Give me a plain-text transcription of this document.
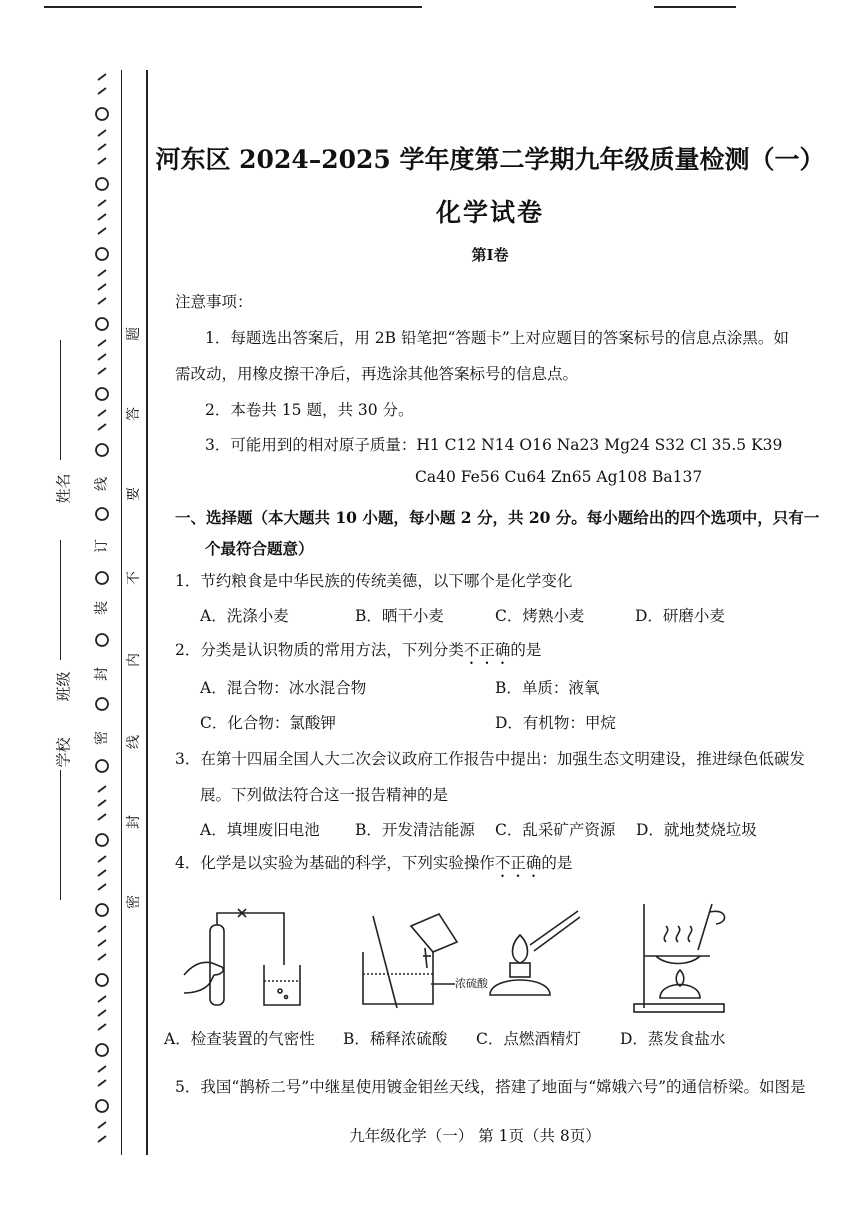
装
订
线
封
密
密
封
线
内
不
要
答
题
姓名
班级
学校
河东区 2024–2025 学年度第二学期九年级质量检测（一）
化学试卷
第Ⅰ卷
注意事项：
1．每题选出答案后，用 2B 铅笔把“答题卡”上对应题目的答案标号的信息点涂黑。如
需改动，用橡皮擦干净后，再选涂其他答案标号的信息点。
2．本卷共 15 题，共 30 分。
3．可能用到的相对原子质量：H1 C12 N14 O16 Na23 Mg24 S32 Cl 35.5 K39
Ca40 Fe56 Cu64 Zn65 Ag108 Ba137
一、选择题（本大题共 10 小题，每小题 2 分，共 20 分。每小题给出的四个选项中，只有一
个最符合题意）
1．节约粮食是中华民族的传统美德，以下哪个是化学变化
A．洗涤小麦	B．晒干小麦	C．烤熟小麦	D．研磨小麦
2．分类是认识物质的常用方法，下列分类不正确的是
A．混合物：冰水混合物	B．单质：液氧
C．化合物：氯酸钾	D．有机物：甲烷
3．在第十四届全国人大二次会议政府工作报告中提出：加强生态文明建设，推进绿色低碳发
展。下列做法符合这一报告精神的是
A．填埋废旧电池 B．开发清洁能源 C．乱采矿产资源 D．就地焚烧垃圾
4．化学是以实验为基础的科学，下列实验操作不正确的是
浓硫酸
A．检查装置的气密性 B．稀释浓硫酸 C．点燃酒精灯	D．蒸发食盐水
5．我国“鹊桥二号”中继星使用镀金钼丝天线，搭建了地面与“嫦娥六号”的通信桥梁。如图是
九年级化学（一） 第 1页（共 8页）
